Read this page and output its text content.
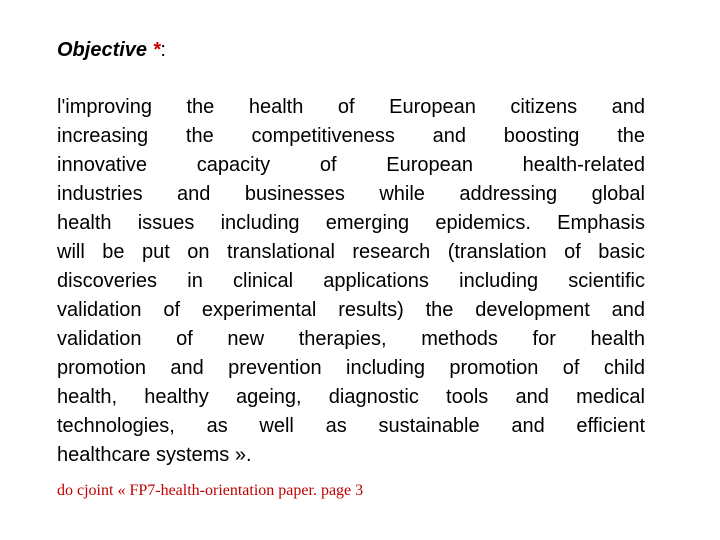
Objective *:
l'improving the health of European citizens and
increasing the competitiveness and boosting the
innovative capacity of European health-related
industries and businesses while addressing global
health issues including emerging epidemics. Emphasis
will be put on translational research (translation of basic
discoveries in clinical applications including scientific
validation of experimental results) the development and
validation of new therapies, methods for health
promotion and prevention including promotion of child
health, healthy ageing, diagnostic tools and medical
technologies, as well as sustainable and efficient
healthcare systems ».
do cjoint « FP7-health-orientation paper. page 3
